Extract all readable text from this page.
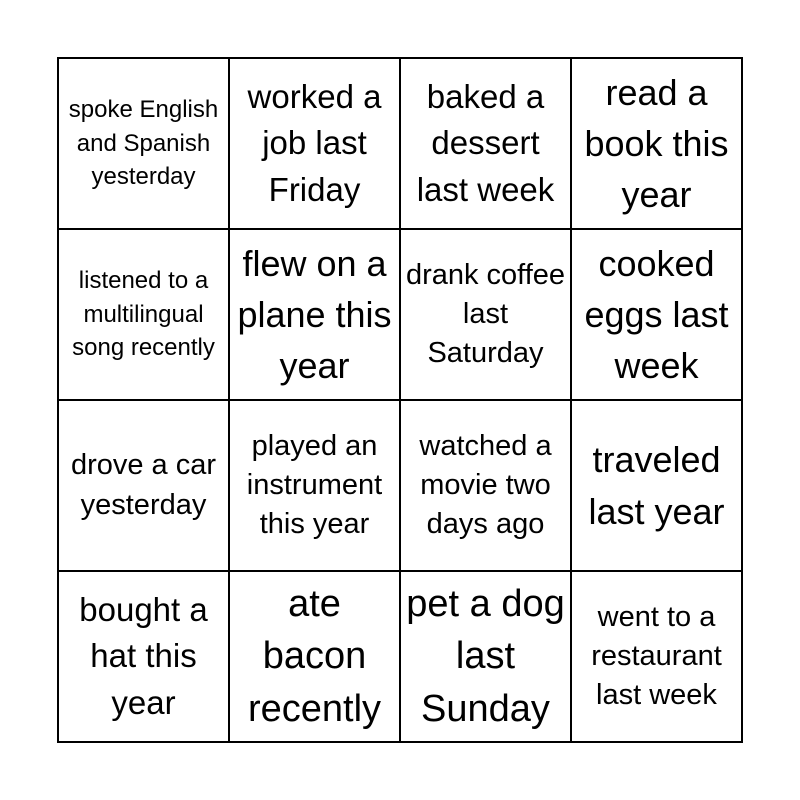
spoke English and Spanish yesterday
worked a job last Friday
baked a dessert last week
read a book this year
listened to a multilingual song recently
flew on a plane this year
drank coffee last Saturday
cooked eggs last week
drove a car yesterday
played an instrument this year
watched a movie two days ago
traveled last year
bought a hat this year
ate bacon recently
pet a dog last Sunday
went to a restaurant last week
